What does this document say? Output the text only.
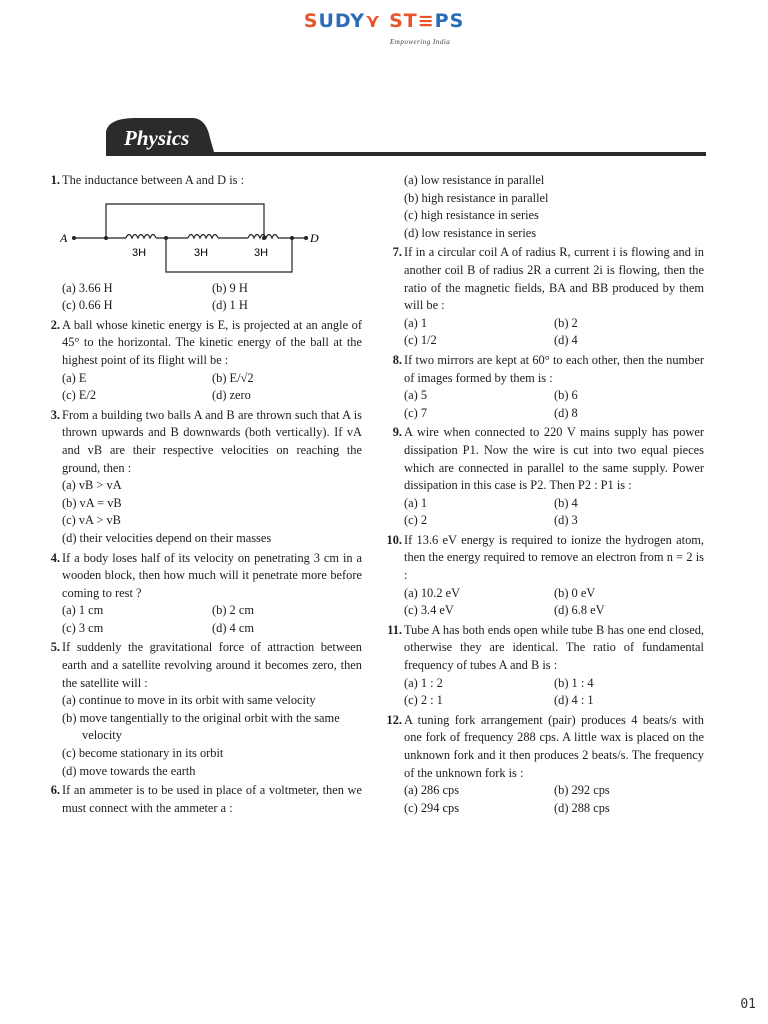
SUDY⋎ ST≡PS
Empowering India
Physics
1. The inductance between A and D is :
A	D
3H	3H	3H
(a) 3.66 H	(b) 9 H
(c) 0.66 H	(d) 1 H
2. A ball whose kinetic energy is E, is projected at an angle of 45° to the horizontal. The kinetic energy of the ball at the highest point of its flight will be :
(a) E	(b) E/√2
(c) E/2	(d) zero
3. From a building two balls A and B are thrown such that A is thrown upwards and B downwards (both vertically). If vA and vB are their respective velocities on reaching the ground, then :
(a) vB > vA
(b) vA = vB
(c) vA > vB
(d) their velocities depend on their masses
4. If a body loses half of its velocity on penetrating 3 cm in a wooden block, then how much will it penetrate more before coming to rest ?
(a) 1 cm	(b) 2 cm
(c) 3 cm	(d) 4 cm
5. If suddenly the gravitational force of attraction between earth and a satellite revolving around it becomes zero, then the satellite will :
(a) continue to move in its orbit with same velocity
(b) move tangentially to the original orbit with the same velocity
(c) become stationary in its orbit
(d) move towards the earth
6. If an ammeter is to be used in place of a voltmeter, then we must connect with the ammeter a :
(a) low resistance in parallel
(b) high resistance in parallel
(c) high resistance in series
(d) low resistance in series
7. If in a circular coil A of radius R, current i is flowing and in another coil B of radius 2R a current 2i is flowing, then the ratio of the magnetic fields, BA and BB produced by them will be :
(a) 1	(b) 2
(c) 1/2	(d) 4
8. If two mirrors are kept at 60° to each other, then the number of images formed by them is :
(a) 5	(b) 6
(c) 7	(d) 8
9. A wire when connected to 220 V mains supply has power dissipation P1. Now the wire is cut into two equal pieces which are connected in parallel to the same supply. Power dissipation in this case is P2. Then P2 : P1 is :
(a) 1	(b) 4
(c) 2	(d) 3
10. If 13.6 eV energy is required to ionize the hydrogen atom, then the energy required to remove an electron from n = 2 is :
(a) 10.2 eV	(b) 0 eV
(c) 3.4 eV	(d) 6.8 eV
11. Tube A has both ends open while tube B has one end closed, otherwise they are identical. The ratio of fundamental frequency of tubes A and B is :
(a) 1 : 2	(b) 1 : 4
(c) 2 : 1	(d) 4 : 1
12. A tuning fork arrangement (pair) produces 4 beats/s with one fork of frequency 288 cps. A little wax is placed on the unknown fork and it then produces 2 beats/s. The frequency of the unknown fork is :
(a) 286 cps	(b) 292 cps
(c) 294 cps	(d) 288 cps
01
